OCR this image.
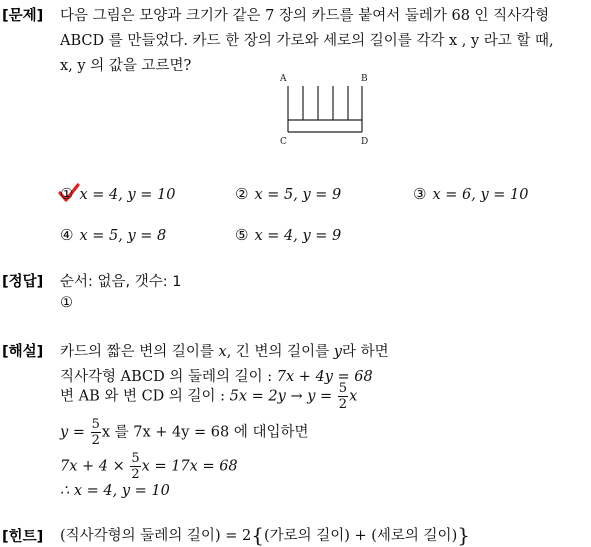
[문제] 다음 그림은 모양과 크기가 같은 7 장의 카드를 붙여서 둘레가 68 인 직사각형
ABCD 를 만들었다. 카드 한 장의 가로와 세로의 길이를 각각 x , y 라고 할 때,
x, y 의 값을 고르면?
A	B
C	D
① x = 4, y = 10	② x = 5, y = 9	③ x = 6, y = 10
④ x = 5, y = 8	⑤ x = 4, y = 9
[정답] 순서: 없음, 갯수: 1
①
[해설] 카드의 짧은 변의 길이를 x, 긴 변의 길이를 y라 하면
직사각형 ABCD 의 둘레의 길이 : 7x + 4y = 68
변 AB 와 변 CD 의 길이 : $5x = 2y \to y = \frac{5}{2}$ x
$y = \frac{5}{2}$ x 를 7x + 4y = 68 에 대입하면
$7x + 4 \times \frac{5}{2}$ x = 17x = 68
∴ x = 4, y = 10
[힌트] (직사각형의 둘레의 길이) = 2{(가로의 길이) + (세로의 길이)}
